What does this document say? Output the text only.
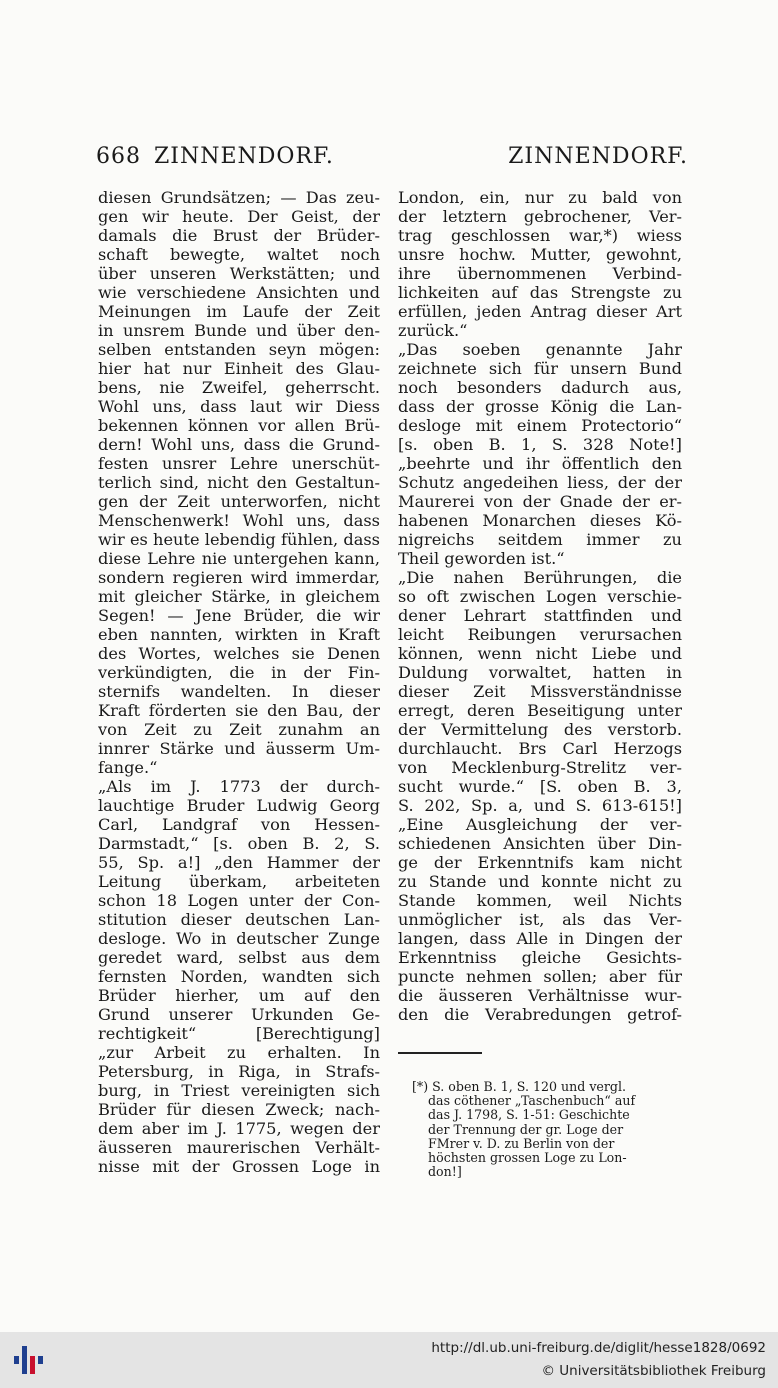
668 ZINNENDORF.	ZINNENDORF.
diesen Grundsätzen; — Das zeu-
gen wir heute. Der Geist, der
damals die Brust der Brüder-
schaft bewegte, waltet noch
über unseren Werkstätten; und
wie verschiedene Ansichten und
Meinungen im Laufe der Zeit
in unsrem Bunde und über den-
selben entstanden seyn mögen:
hier hat nur Einheit des Glau-
bens, nie Zweifel, geherrscht.
Wohl uns, dass laut wir Diess
bekennen können vor allen Brü-
dern! Wohl uns, dass die Grund-
festen unsrer Lehre unerschüt-
terlich sind, nicht den Gestaltun-
gen der Zeit unterworfen, nicht
Menschenwerk! Wohl uns, dass
wir es heute lebendig fühlen, dass
diese Lehre nie untergehen kann,
sondern regieren wird immerdar,
mit gleicher Stärke, in gleichem
Segen! — Jene Brüder, die wir
eben nannten, wirkten in Kraft
des Wortes, welches sie Denen
verkündigten, die in der Fin-
sternifs wandelten. In dieser
Kraft förderten sie den Bau, der
von Zeit zu Zeit zunahm an
innrer Stärke und äusserm Um-
fange.“
„Als im J. 1773 der durch-
lauchtige Bruder Ludwig Georg
Carl, Landgraf von Hessen-
Darmstadt,“ [s. oben B. 2, S.
55, Sp. a!] „den Hammer der
Leitung überkam, arbeiteten
schon 18 Logen unter der Con-
stitution dieser deutschen Lan-
desloge. Wo in deutscher Zunge
geredet ward, selbst aus dem
fernsten Norden, wandten sich
Brüder hierher, um auf den
Grund unserer Urkunden Ge-
rechtigkeit“ [Berechtigung]
„zur Arbeit zu erhalten. In
Petersburg, in Riga, in Strafs-
burg, in Triest vereinigten sich
Brüder für diesen Zweck; nach-
dem aber im J. 1775, wegen der
äusseren maurerischen Verhält-
nisse mit der Grossen Loge in
London, ein, nur zu bald von
der letztern gebrochener, Ver-
trag geschlossen war,*) wiess
unsre hochw. Mutter, gewohnt,
ihre übernommenen Verbind-
lichkeiten auf das Strengste zu
erfüllen, jeden Antrag dieser Art
zurück.“
„Das soeben genannte Jahr
zeichnete sich für unsern Bund
noch besonders dadurch aus,
dass der grosse König die Lan-
desloge mit einem Protectorio“
[s. oben B. 1, S. 328 Note!]
„beehrte und ihr öffentlich den
Schutz angedeihen liess, der der
Maurerei von der Gnade der er-
habenen Monarchen dieses Kö-
nigreichs seitdem immer zu
Theil geworden ist.“
„Die nahen Berührungen, die
so oft zwischen Logen verschie-
dener Lehrart stattfinden und
leicht Reibungen verursachen
können, wenn nicht Liebe und
Duldung vorwaltet, hatten in
dieser Zeit Missverständnisse
erregt, deren Beseitigung unter
der Vermittelung des verstorb.
durchlaucht. Brs Carl Herzogs
von Mecklenburg-Strelitz ver-
sucht wurde.“ [S. oben B. 3,
S. 202, Sp. a, und S. 613-615!]
„Eine Ausgleichung der ver-
schiedenen Ansichten über Din-
ge der Erkenntnifs kam nicht
zu Stande und konnte nicht zu
Stande kommen, weil Nichts
unmöglicher ist, als das Ver-
langen, dass Alle in Dingen der
Erkenntniss gleiche Gesichts-
puncte nehmen sollen; aber für
die äusseren Verhältnisse wur-
den die Verabredungen getrof-
[*) S. oben B. 1, S. 120 und vergl.
das cöthener „Taschenbuch“ auf
das J. 1798, S. 1-51: Geschichte
der Trennung der gr. Loge der
FMrer v. D. zu Berlin von der
höchsten grossen Loge zu Lon-
don!]
http://dl.ub.uni-freiburg.de/diglit/hesse1828/0692
© Universitätsbibliothek Freiburg
